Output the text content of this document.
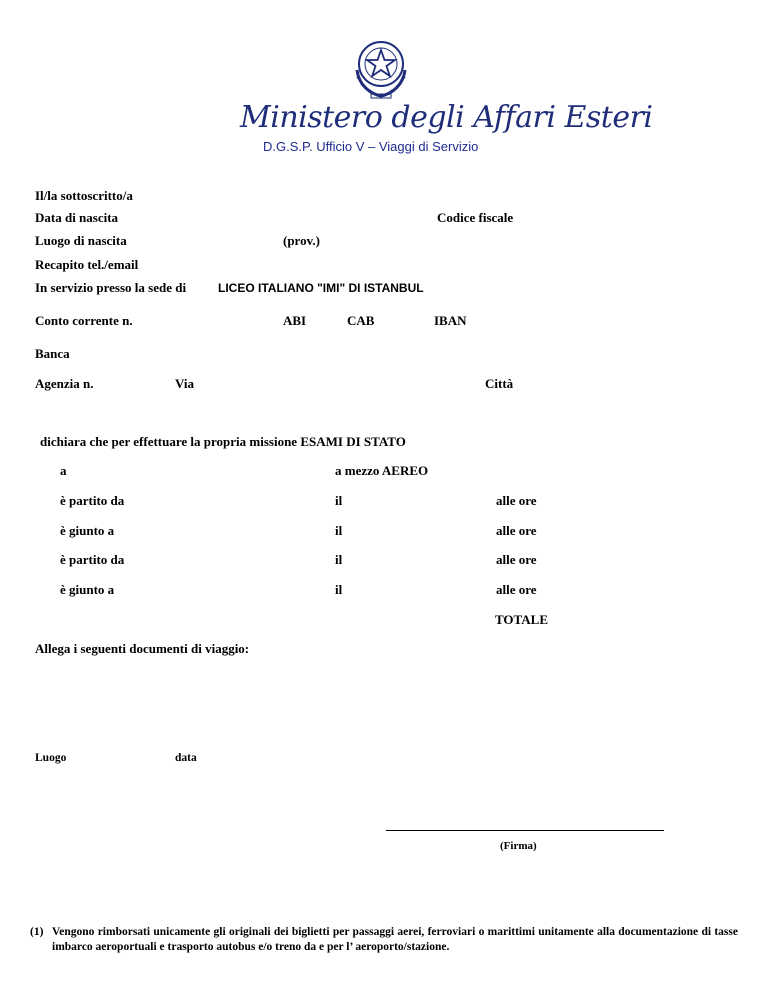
Ministero degli Affari Esteri
D.G.S.P. Ufficio V – Viaggi di Servizio
Il/la sottoscritto/a
Data di nascita	Codice fiscale
Luogo di nascita	(prov.)
Recapito tel./email
In servizio presso la sede di	LICEO ITALIANO "IMI" DI ISTANBUL
Conto corrente n.	ABI	CAB	IBAN
Banca
Agenzia n.	Via	Città
dichiara che per effettuare la propria missione ESAMI DI STATO
a	a mezzo AEREO
è partito da	il	alle ore
è giunto a	il	alle ore
è partito da	il	alle ore
è giunto a	il	alle ore
TOTALE
Allega i seguenti documenti di viaggio:
Luogo	data
(Firma)
(1) Vengono rimborsati unicamente gli originali dei biglietti per passaggi aerei, ferroviari o marittimi unitamente alla documentazione di tasse imbarco aeroportuali e trasporto autobus e/o treno da e per l’ aeroporto/stazione.
